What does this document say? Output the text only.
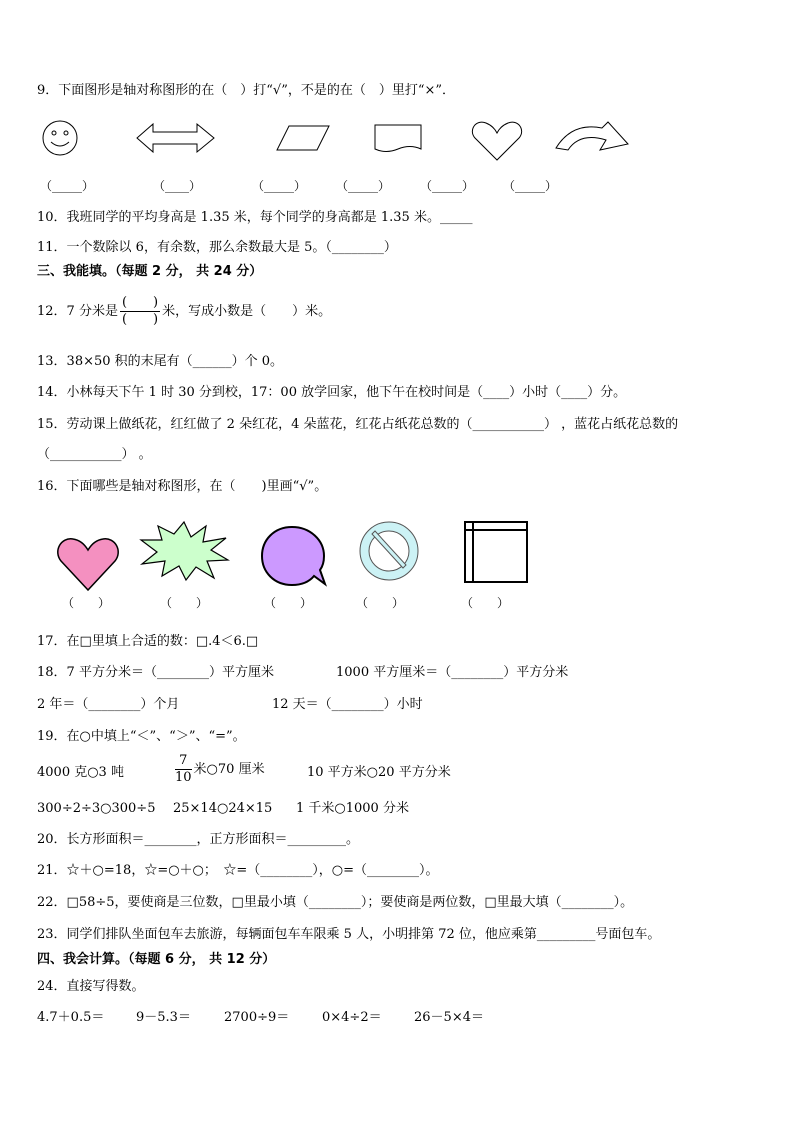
9．下面图形是轴对称图形的在（　）打“√”，不是的在（　）里打“×”．
（_____）	（____）	（_____） （_____） （_____） （_____）
10．我班同学的平均身高是 1.35 米，每个同学的身高都是 1.35 米。_____
11．一个数除以 6，有余数，那么余数最大是 5。（________）
三、我能填。（每题 2 分， 共 24 分）
12．7 分米是 $\frac{( )}{( )}$ 米，写成小数是（　　）米。
13．38×50 积的末尾有（______）个 0。
14．小林每天下午 1 时 30 分到校，17：00 放学回家，他下午在校时间是（____）小时（____）分。
15．劳动课上做纸花，红红做了 2 朵红花，4 朵蓝花，红花占纸花总数的（___________） ，蓝花占纸花总数的
（___________） 。
16．下面哪些是轴对称图形，在（　　)里画“√”。
（　　）	（　　）	（　　）	（　　）	（　　）
17．在□里填上合适的数：□.4＜6.□
18．7 平方分米＝（________）平方厘米	1000 平方厘米＝（________）平方分米
2 年＝（________）个月	12 天＝（________）小时
19．在○中填上“＜”、“＞”、“=”。
4000 克○3 吨	$\frac{7}{10}$ 米○70 厘米	10 平方米○20 平方分米
300÷2÷3○300÷5 25×14○24×15 1 千米○1000 分米
20．长方形面积＝________，正方形面积＝_________。
21．☆＋○=18，☆=○＋○；　☆=（________），○=（________）。
22．□58÷5，要使商是三位数，□里最小填（________）；要使商是两位数，□里最大填（________）。
23．同学们排队坐面包车去旅游，每辆面包车车限乘 5 人，小明排第 72 位，他应乘第_________号面包车。
四、我会计算。（每题 6 分， 共 12 分）
24．直接写得数。
4.7＋0.5＝ 9－5.3＝	2700÷9＝	0×4÷2＝ 26－5×4＝
